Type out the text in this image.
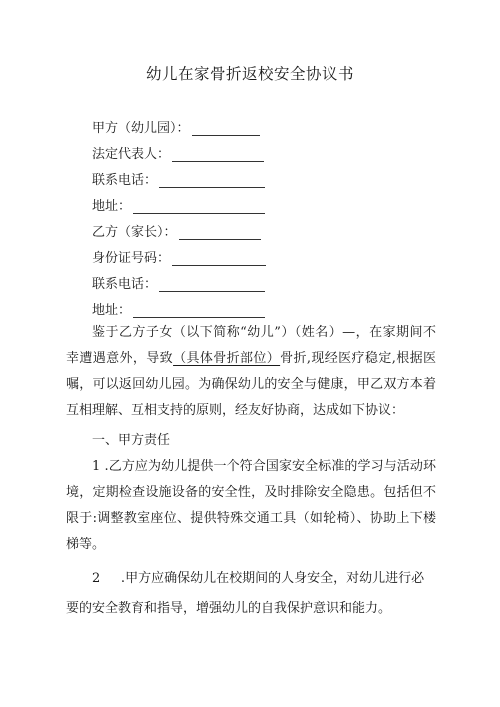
幼儿在家骨折返校安全协议书
甲方（幼儿园）：
法定代表人：
联系电话：
地址：
乙方（家长）：
身份证号码：
联系电话：
地址：
鉴于乙方子女（以下简称“幼儿”）（姓名）—，在家期间不幸遭遇意外，导致（具体骨折部位）骨折,现经医疗稳定,根据医嘱，可以返回幼儿园。为确保幼儿的安全与健康，甲乙双方本着互相理解、互相支持的原则，经友好协商，达成如下协议：
一、甲方责任
1 .乙方应为幼儿提供一个符合国家安全标准的学习与活动环境，定期检查设施设备的安全性，及时排除安全隐患。包括但不限于:调整教室座位、提供特殊交通工具（如轮椅）、协助上下楼梯等。
2     .甲方应确保幼儿在校期间的人身安全，对幼儿进行必
要的安全教育和指导，增强幼儿的自我保护意识和能力。
